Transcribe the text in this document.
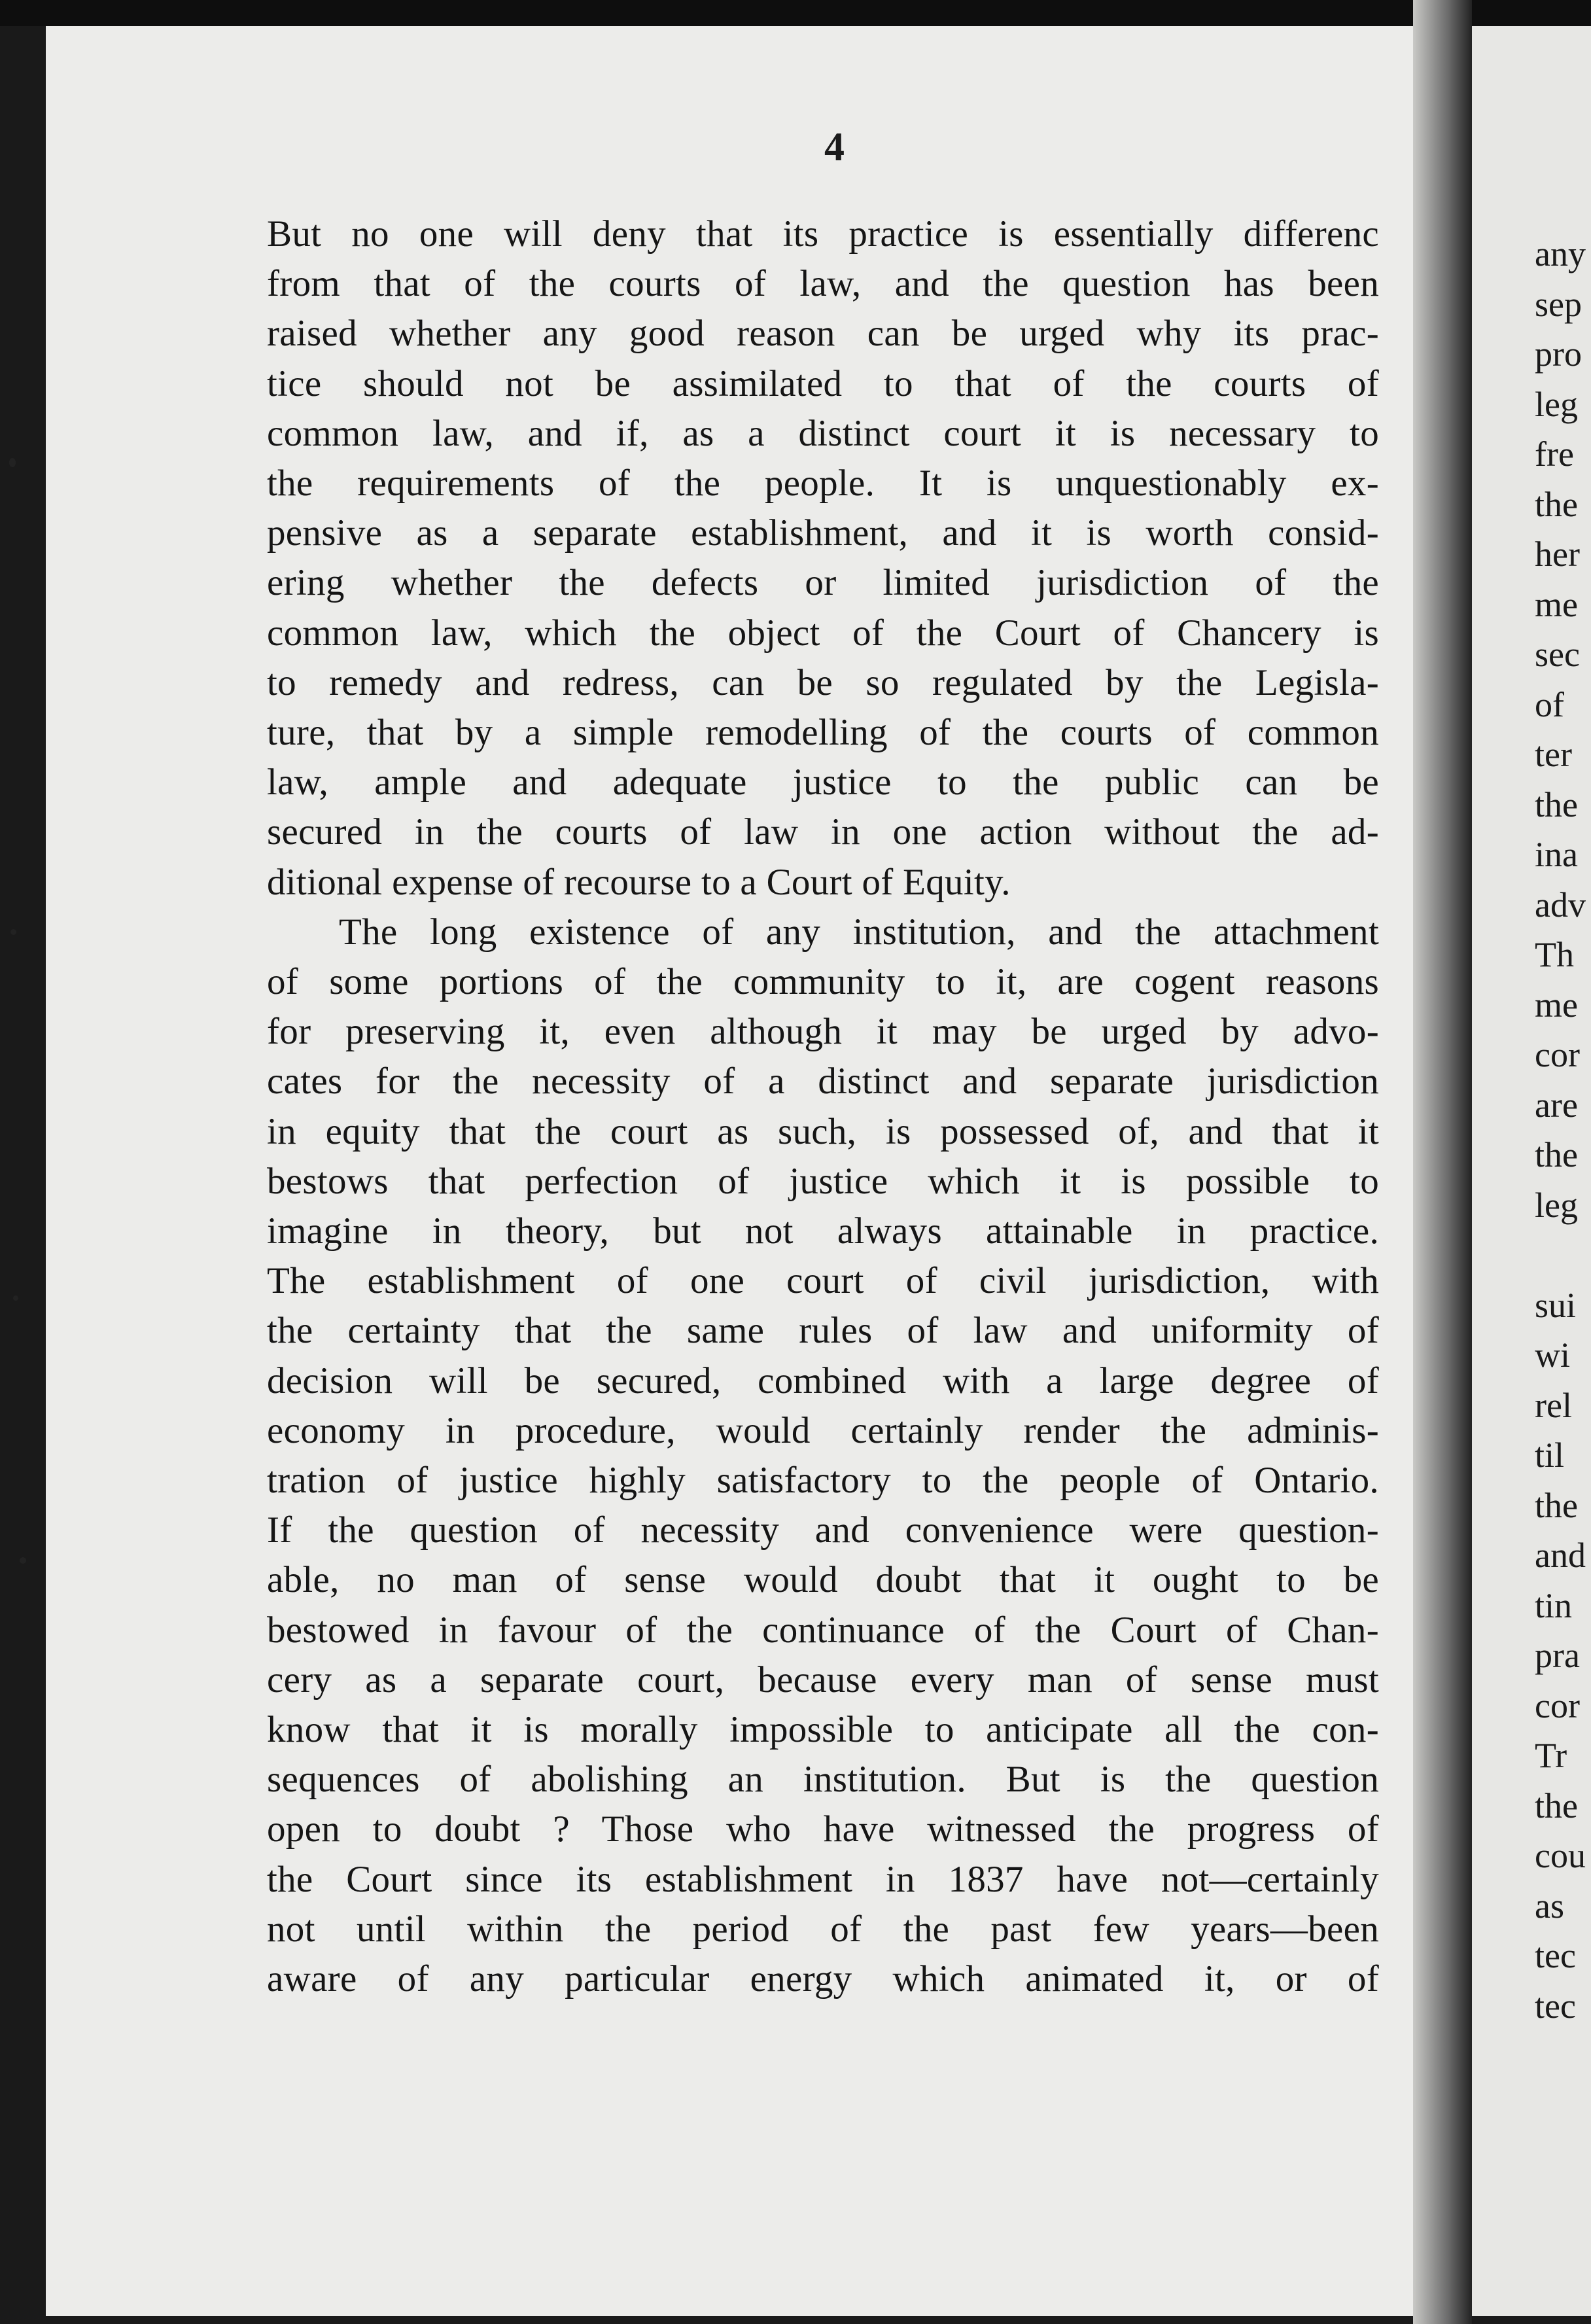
any
sep
pro
leg
fre
the
her
me
sec
of
ter
the
ina
adv
Th
me
cor
are
the
leg
sui
wi
rel
til
the
and
tin
pra
cor
Tr
the
cou
as
tec
tec
4
But no one will deny that its practice is essentially differenc
from that of the courts of law, and the question has been
raised whether any good reason can be urged why its prac-
tice should not be assimilated to that of the courts of
common law, and if, as a distinct court it is necessary to
the requirements of the people. It is unquestionably ex-
pensive as a separate establishment, and it is worth consid-
ering whether the defects or limited jurisdiction of the
common law, which the object of the Court of Chancery is
to remedy and redress, can be so regulated by the Legisla-
ture, that by a simple remodelling of the courts of common
law, ample and adequate justice to the public can be
secured in the courts of law in one action without the ad-
ditional expense of recourse to a Court of Equity.
The long existence of any institution, and the attachment
of some portions of the community to it, are cogent reasons
for preserving it, even although it may be urged by advo-
cates for the necessity of a distinct and separate jurisdiction
in equity that the court as such, is possessed of, and that it
bestows that perfection of justice which it is possible to
imagine in theory, but not always attainable in practice.
The establishment of one court of civil jurisdiction, with
the certainty that the same rules of law and uniformity of
decision will be secured, combined with a large degree of
economy in procedure, would certainly render the adminis-
tration of justice highly satisfactory to the people of Ontario.
If the question of necessity and convenience were question-
able, no man of sense would doubt that it ought to be
bestowed in favour of the continuance of the Court of Chan-
cery as a separate court, because every man of sense must
know that it is morally impossible to anticipate all the con-
sequences of abolishing an institution. But is the question
open to doubt ? Those who have witnessed the progress of
the Court since its establishment in 1837 have not—certainly
not until within the period of the past few years—been
aware of any particular energy which animated it, or of
